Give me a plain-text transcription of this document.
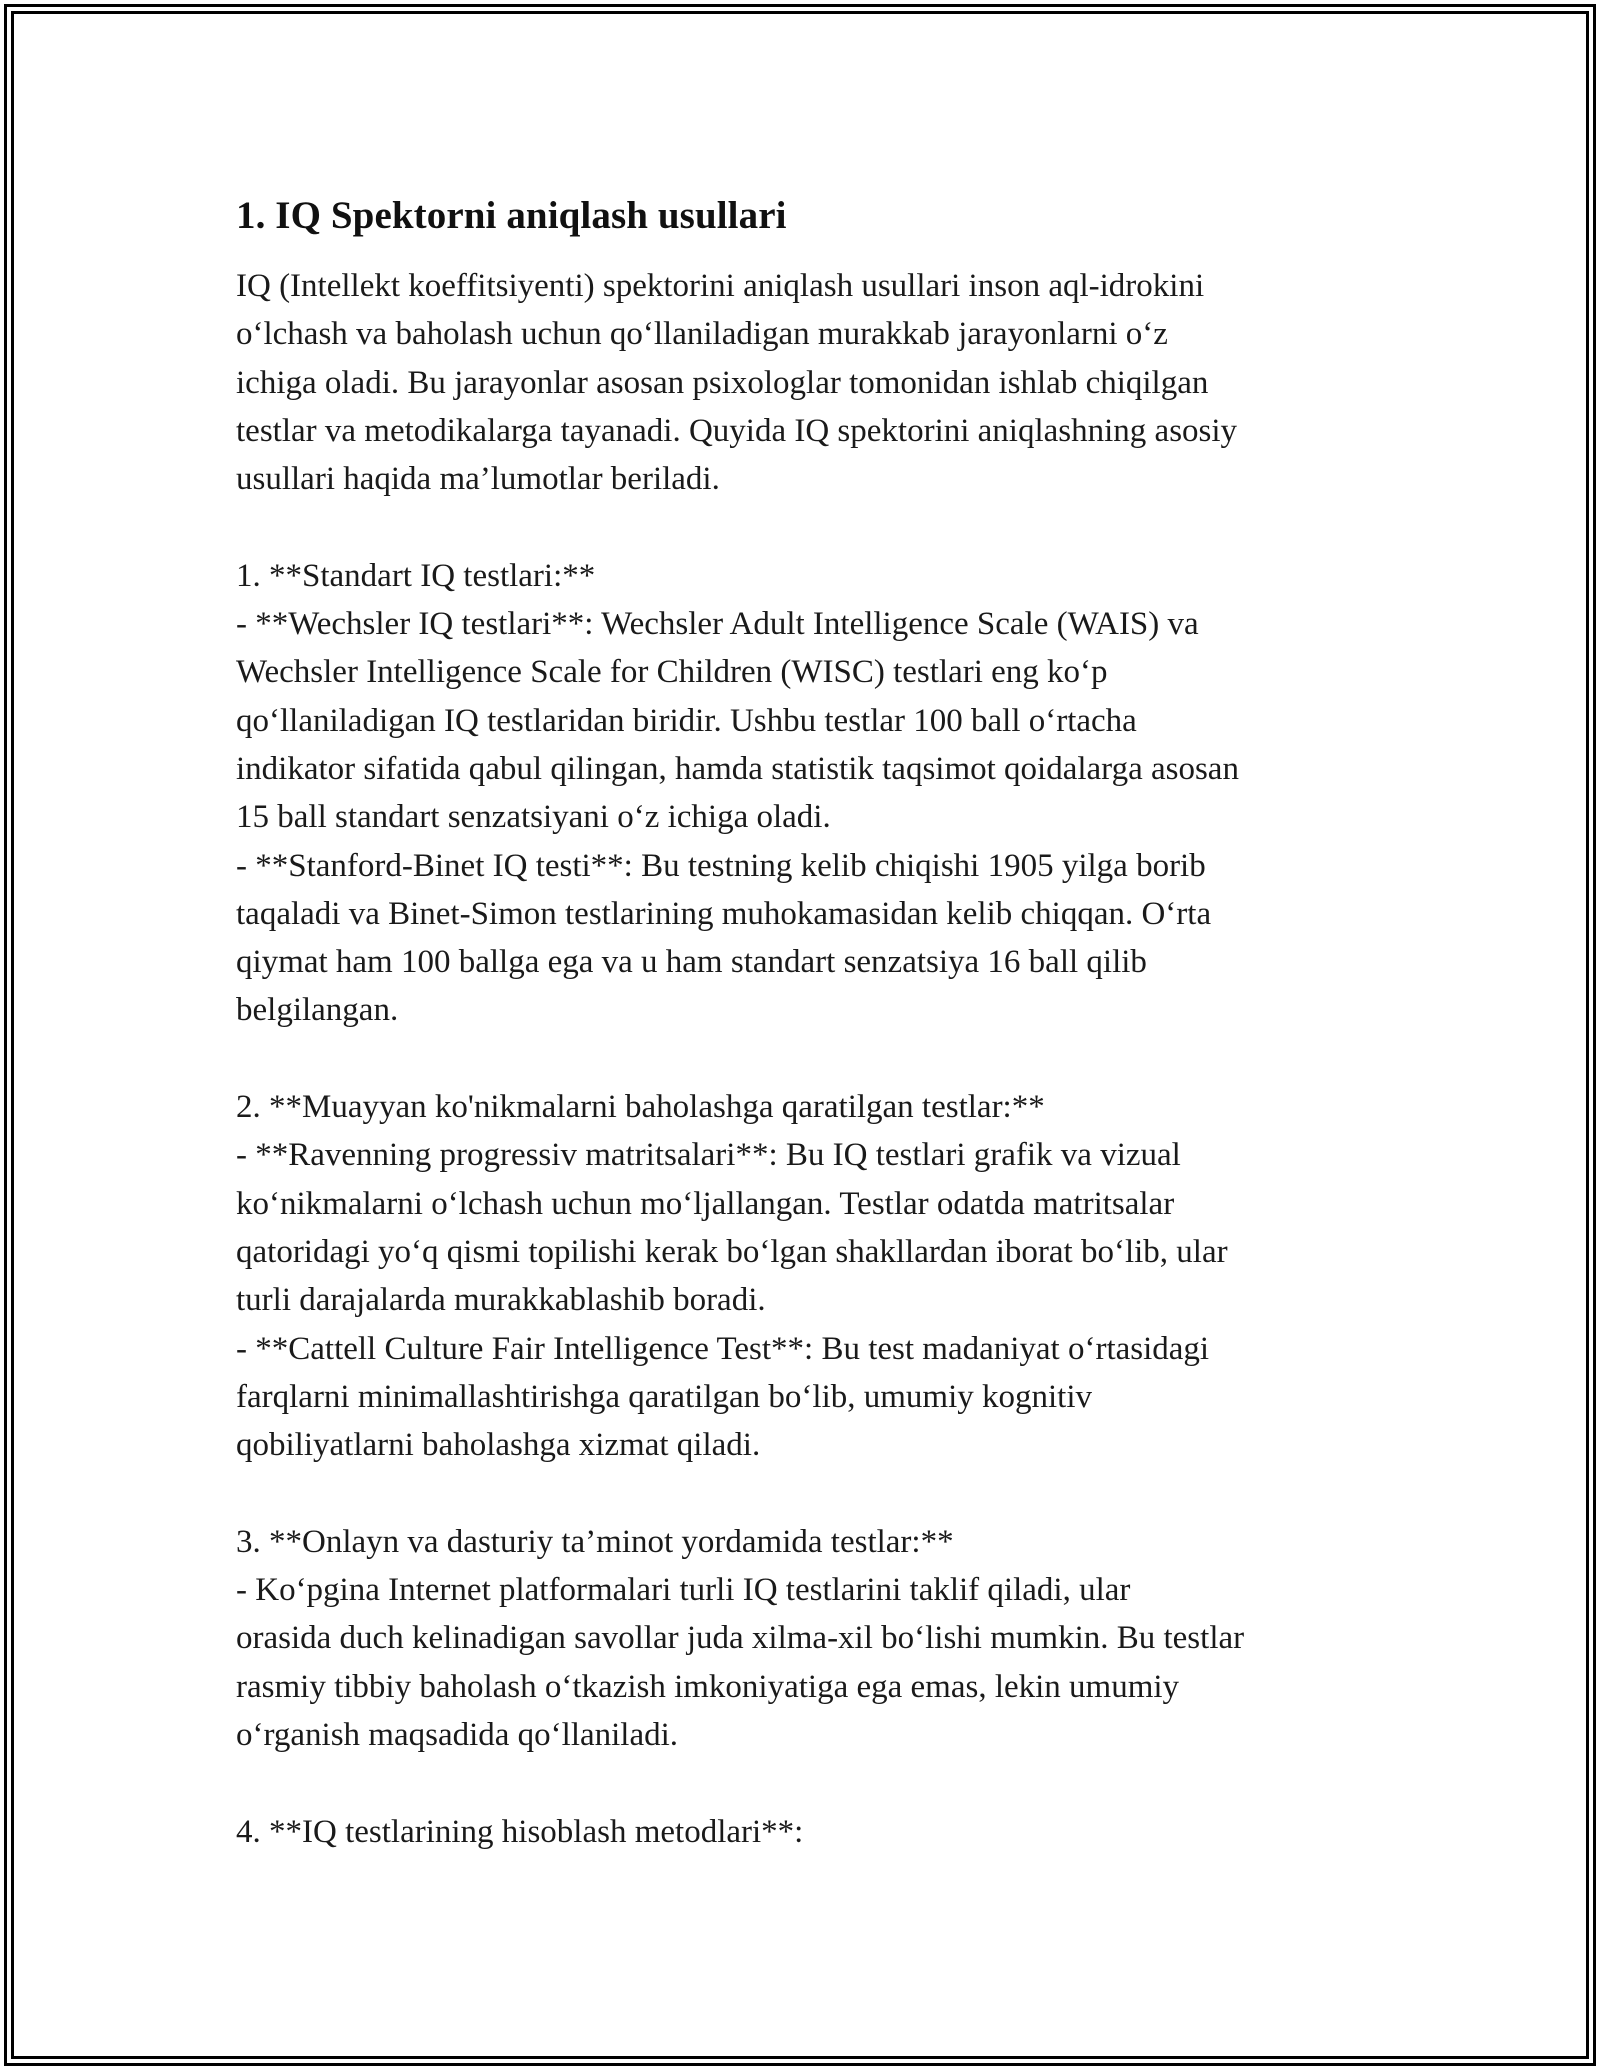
1. IQ Spektorni aniqlash usullari

IQ (Intellekt koeffitsiyenti) spektorini aniqlash usullari inson aql-idrokini
o‘lchash va baholash uchun qo‘llaniladigan murakkab jarayonlarni o‘z
ichiga oladi. Bu jarayonlar asosan psixologlar tomonidan ishlab chiqilgan
testlar va metodikalarga tayanadi. Quyida IQ spektorini aniqlashning asosiy
usullari haqida ma’lumotlar beriladi.

1. **Standart IQ testlari:**
- **Wechsler IQ testlari**: Wechsler Adult Intelligence Scale (WAIS) va
Wechsler Intelligence Scale for Children (WISC) testlari eng ko‘p
qo‘llaniladigan IQ testlaridan biridir. Ushbu testlar 100 ball o‘rtacha
indikator sifatida qabul qilingan, hamda statistik taqsimot qoidalarga asosan
15 ball standart senzatsiyani o‘z ichiga oladi.
- **Stanford-Binet IQ testi**: Bu testning kelib chiqishi 1905 yilga borib
taqaladi va Binet-Simon testlarining muhokamasidan kelib chiqqan. O‘rta
qiymat ham 100 ballga ega va u ham standart senzatsiya 16 ball qilib
belgilangan.

2. **Muayyan ko'nikmalarni baholashga qaratilgan testlar:**
- **Ravenning progressiv matritsalari**: Bu IQ testlari grafik va vizual
ko‘nikmalarni o‘lchash uchun mo‘ljallangan. Testlar odatda matritsalar
qatoridagi yo‘q qismi topilishi kerak bo‘lgan shakllardan iborat bo‘lib, ular
turli darajalarda murakkablashib boradi.
- **Cattell Culture Fair Intelligence Test**: Bu test madaniyat o‘rtasidagi
farqlarni minimallashtirishga qaratilgan bo‘lib, umumiy kognitiv
qobiliyatlarni baholashga xizmat qiladi.

3. **Onlayn va dasturiy ta’minot yordamida testlar:**
- Ko‘pgina Internet platformalari turli IQ testlarini taklif qiladi, ular
orasida duch kelinadigan savollar juda xilma-xil bo‘lishi mumkin. Bu testlar
rasmiy tibbiy baholash o‘tkazish imkoniyatiga ega emas, lekin umumiy
o‘rganish maqsadida qo‘llaniladi.

4. **IQ testlarining hisoblash metodlari**:
